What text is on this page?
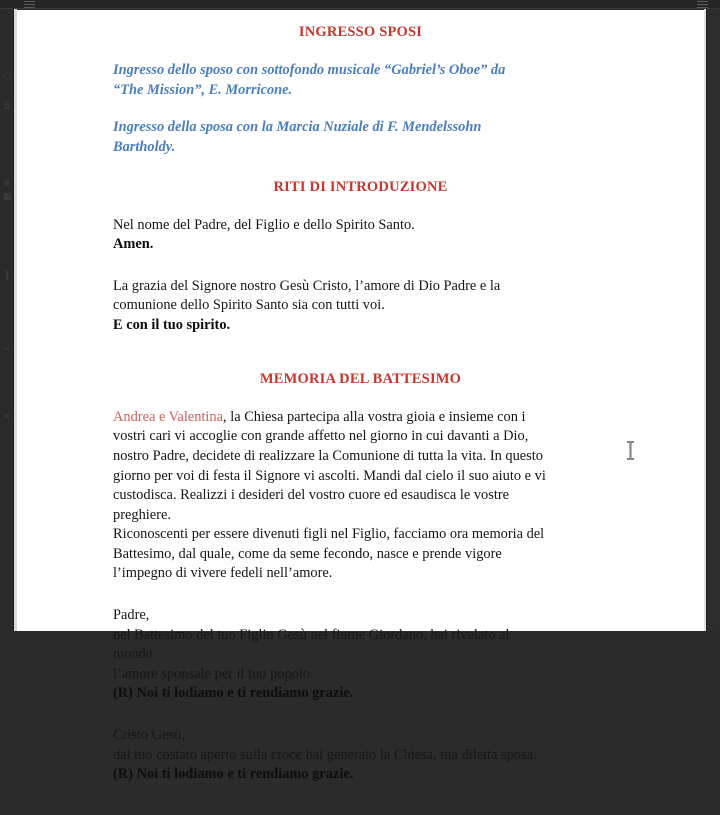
○
⋸
≡
▦
‖
−
·
×

INGRESSO SPOSI

Ingresso dello sposo con sottofondo musicale “Gabriel’s Oboe” da “The Mission”, E. Morricone.

Ingresso della sposa con la Marcia Nuziale di F. Mendelssohn Bartholdy.

RITI DI INTRODUZIONE

Nel nome del Padre, del Figlio e dello Spirito Santo.
Amen.

La grazia del Signore nostro Gesù Cristo, l’amore di Dio Padre e la
comunione dello Spirito Santo sia con tutti voi.
E con il tuo spirito.

MEMORIA DEL BATTESIMO

Andrea e Valentina, la Chiesa partecipa alla vostra gioia e insieme con i vostri cari vi accoglie con grande affetto nel giorno in cui davanti a Dio, nostro Padre, decidete di realizzare la Comunione di tutta la vita. In questo giorno per voi di festa il Signore vi ascolti. Mandi dal cielo il suo aiuto e vi custodisca. Realizzi i desideri del vostro cuore ed esaudisca le vostre preghiere.
Riconoscenti per essere divenuti figli nel Figlio, facciamo ora memoria del Battesimo, dal quale, come da seme fecondo, nasce e prende vigore
l’impegno di vivere fedeli nell’amore.

Padre,
nel Battesimo del tuo Figlio Gesù nel fiume Giordano, hai rivelato al mondo
l’amore sponsale per il tuo popolo.
(R) Noi ti lodiamo e ti rendiamo grazie.

Cristo Gesù,
dal tuo costato aperto sulla croce hai generato la Chiesa, tua diletta sposa.
(R) Noi ti lodiamo e ti rendiamo grazie.
